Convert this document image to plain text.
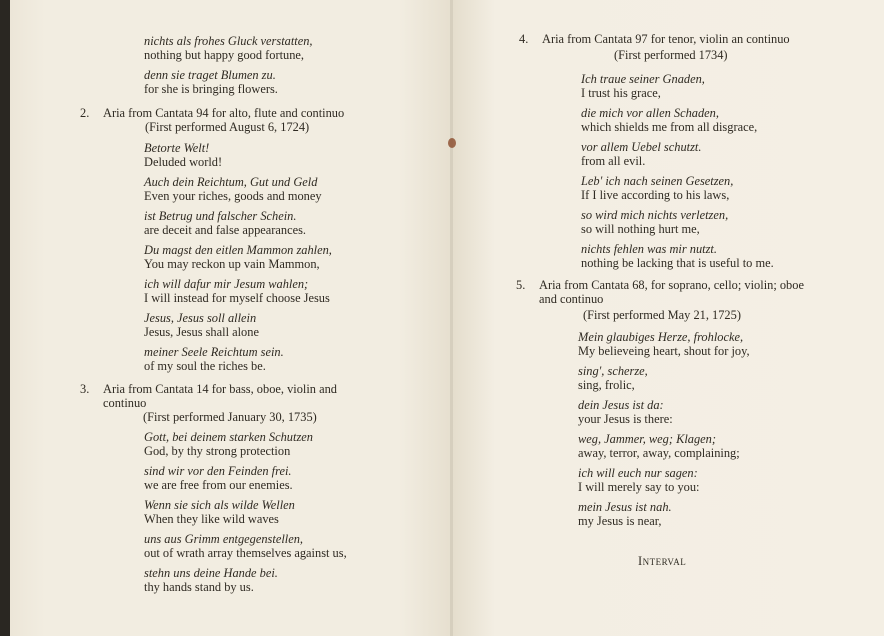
nichts als frohes Gluck verstatten,
nothing but happy good fortune,
denn sie traget Blumen zu.
for she is bringing flowers.
2. Aria from Cantata 94 for alto, flute and continuo
(First performed August 6, 1724)
Betorte Welt!
Deluded world!
Auch dein Reichtum, Gut und Geld
Even your riches, goods and money
ist Betrug und falscher Schein.
are deceit and false appearances.
Du magst den eitlen Mammon zahlen,
You may reckon up vain Mammon,
ich will dafur mir Jesum wahlen;
I will instead for myself choose Jesus
Jesus, Jesus soll allein
Jesus, Jesus shall alone
meiner Seele Reichtum sein.
of my soul the riches be.
3. Aria from Cantata 14 for bass, oboe, violin and
continuo
(First performed January 30, 1735)
Gott, bei deinem starken Schutzen
God, by thy strong protection
sind wir vor den Feinden frei.
we are free from our enemies.
Wenn sie sich als wilde Wellen
When they like wild waves
uns aus Grimm entgegenstellen,
out of wrath array themselves against us,
stehn uns deine Hande bei.
thy hands stand by us.
4. Aria from Cantata 97 for tenor, violin an continuo
(First performed 1734)
Ich traue seiner Gnaden,
I trust his grace,
die mich vor allen Schaden,
which shields me from all disgrace,
vor allem Uebel schutzt.
from all evil.
Leb' ich nach seinen Gesetzen,
If I live according to his laws,
so wird mich nichts verletzen,
so will nothing hurt me,
nichts fehlen was mir nutzt.
nothing be lacking that is useful to me.
5. Aria from Cantata 68, for soprano, cello; violin; oboe
and continuo
(First performed May 21, 1725)
Mein glaubiges Herze, frohlocke,
My believeing heart, shout for joy,
sing', scherze,
sing, frolic,
dein Jesus ist da:
your Jesus is there:
weg, Jammer, weg; Klagen;
away, terror, away, complaining;
ich will euch nur sagen:
I will merely say to you:
mein Jesus ist nah.
my Jesus is near,
Interval
